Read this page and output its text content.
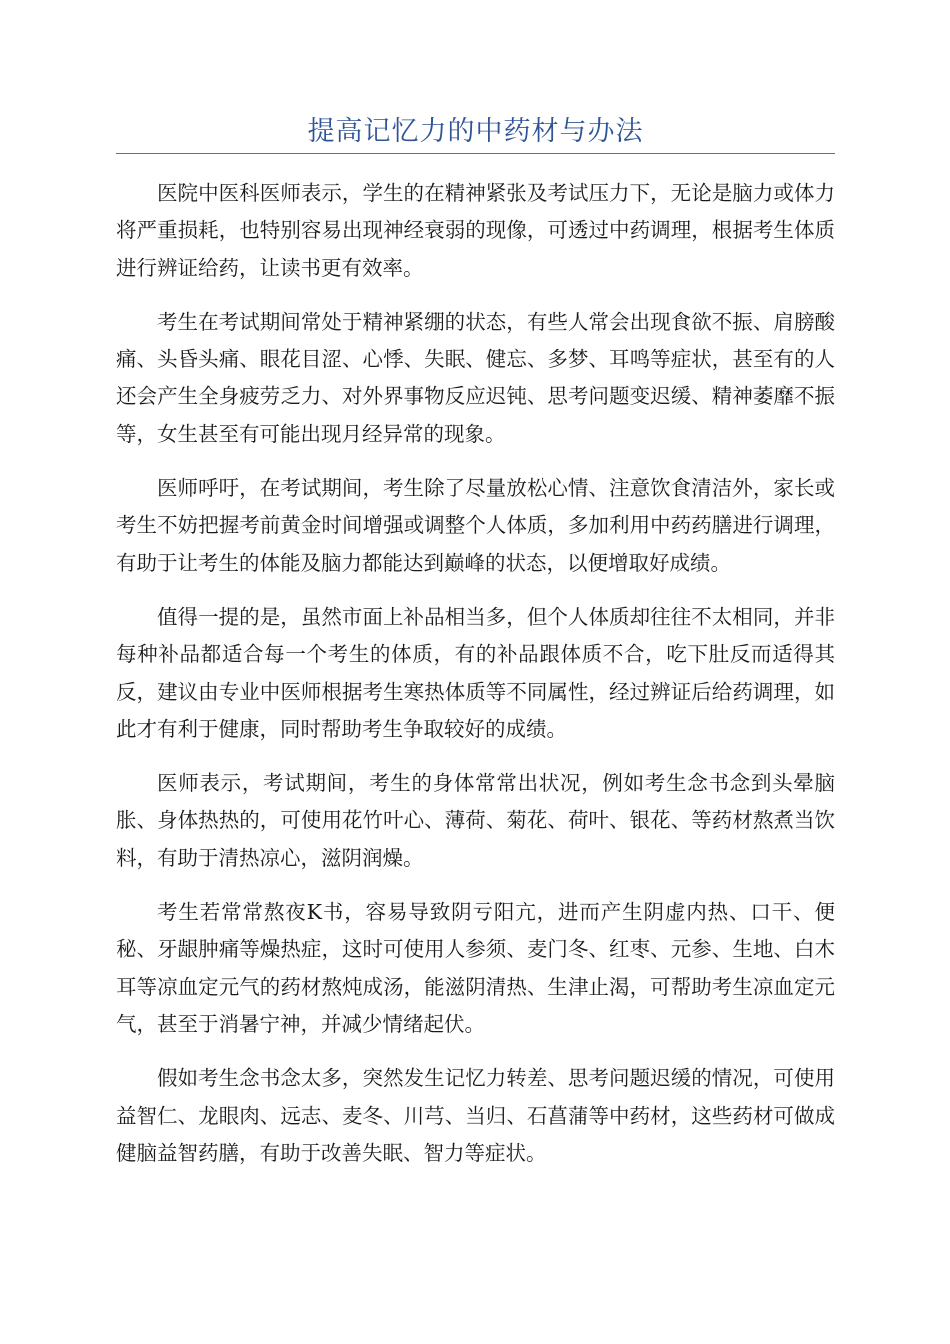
提高记忆力的中药材与办法

医院中医科医师表示，学生的在精神紧张及考试压力下，无论是脑力或体力将严重损耗，也特别容易出现神经衰弱的现像，可透过中药调理，根据考生体质进行辨证给药，让读书更有效率。

考生在考试期间常处于精神紧绷的状态，有些人常会出现食欲不振、肩膀酸痛、头昏头痛、眼花目涩、心悸、失眠、健忘、多梦、耳鸣等症状，甚至有的人还会产生全身疲劳乏力、对外界事物反应迟钝、思考问题变迟缓、精神萎靡不振等，女生甚至有可能出现月经异常的现象。

医师呼吁，在考试期间，考生除了尽量放松心情、注意饮食清洁外，家长或考生不妨把握考前黄金时间增强或调整个人体质，多加利用中药药膳进行调理，有助于让考生的体能及脑力都能达到巅峰的状态，以便增取好成绩。

值得一提的是，虽然市面上补品相当多，但个人体质却往往不太相同，并非每种补品都适合每一个考生的体质，有的补品跟体质不合，吃下肚反而适得其反，建议由专业中医师根据考生寒热体质等不同属性，经过辨证后给药调理，如此才有利于健康，同时帮助考生争取较好的成绩。

医师表示，考试期间，考生的身体常常出状况，例如考生念书念到头晕脑胀、身体热热的，可使用花竹叶心、薄荷、菊花、荷叶、银花、等药材熬煮当饮料，有助于清热凉心，滋阴润燥。

考生若常常熬夜K书，容易导致阴亏阳亢，进而产生阴虚内热、口干、便秘、牙龈肿痛等燥热症，这时可使用人参须、麦门冬、红枣、元参、生地、白木耳等凉血定元气的药材熬炖成汤，能滋阴清热、生津止渴，可帮助考生凉血定元气，甚至于消暑宁神，并减少情绪起伏。

假如考生念书念太多，突然发生记忆力转差、思考问题迟缓的情况，可使用益智仁、龙眼肉、远志、麦冬、川芎、当归、石菖蒲等中药材，这些药材可做成健脑益智药膳，有助于改善失眠、智力等症状。
